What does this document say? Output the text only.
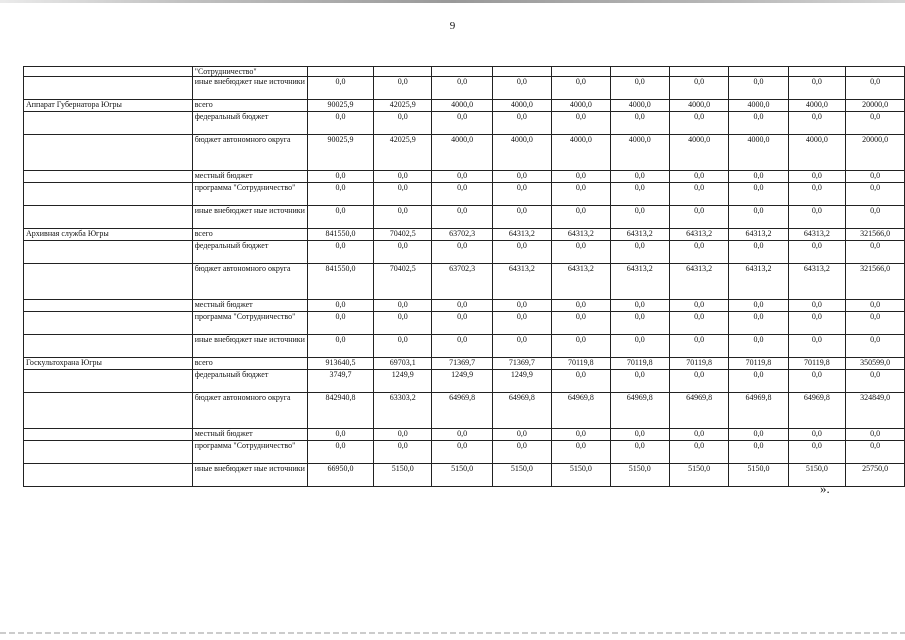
9
	"Сотрудничество"										
	иные внебюджет ные источники	0,0	0,0	0,0	0,0	0,0	0,0	0,0	0,0	0,0	0,0
Аппарат Губернатора Югры	всего	90025,9	42025,9	4000,0	4000,0	4000,0	4000,0	4000,0	4000,0	4000,0	20000,0
	федеральный бюджет	0,0	0,0	0,0	0,0	0,0	0,0	0,0	0,0	0,0	0,0
	бюджет автономного округа	90025,9	42025,9	4000,0	4000,0	4000,0	4000,0	4000,0	4000,0	4000,0	20000,0
	местный бюджет	0,0	0,0	0,0	0,0	0,0	0,0	0,0	0,0	0,0	0,0
	программа "Сотрудничество"	0,0	0,0	0,0	0,0	0,0	0,0	0,0	0,0	0,0	0,0
	иные внебюджет ные источники	0,0	0,0	0,0	0,0	0,0	0,0	0,0	0,0	0,0	0,0
Архивная служба Югры	всего	841550,0	70402,5	63702,3	64313,2	64313,2	64313,2	64313,2	64313,2	64313,2	321566,0
	федеральный бюджет	0,0	0,0	0,0	0,0	0,0	0,0	0,0	0,0	0,0	0,0
	бюджет автономного округа	841550,0	70402,5	63702,3	64313,2	64313,2	64313,2	64313,2	64313,2	64313,2	321566,0
	местный бюджет	0,0	0,0	0,0	0,0	0,0	0,0	0,0	0,0	0,0	0,0
	программа "Сотрудничество"	0,0	0,0	0,0	0,0	0,0	0,0	0,0	0,0	0,0	0,0
	иные внебюджет ные источники	0,0	0,0	0,0	0,0	0,0	0,0	0,0	0,0	0,0	0,0
Госкультохрана Югры	всего	913640,5	69703,1	71369,7	71369,7	70119,8	70119,8	70119,8	70119,8	70119,8	350599,0
	федеральный бюджет	3749,7	1249,9	1249,9	1249,9	0,0	0,0	0,0	0,0	0,0	0,0
	бюджет автономного округа	842940,8	63303,2	64969,8	64969,8	64969,8	64969,8	64969,8	64969,8	64969,8	324849,0
	местный бюджет	0,0	0,0	0,0	0,0	0,0	0,0	0,0	0,0	0,0	0,0
	программа "Сотрудничество"	0,0	0,0	0,0	0,0	0,0	0,0	0,0	0,0	0,0	0,0
	иные внебюджет ные источники	66950,0	5150,0	5150,0	5150,0	5150,0	5150,0	5150,0	5150,0	5150,0	25750,0
».
